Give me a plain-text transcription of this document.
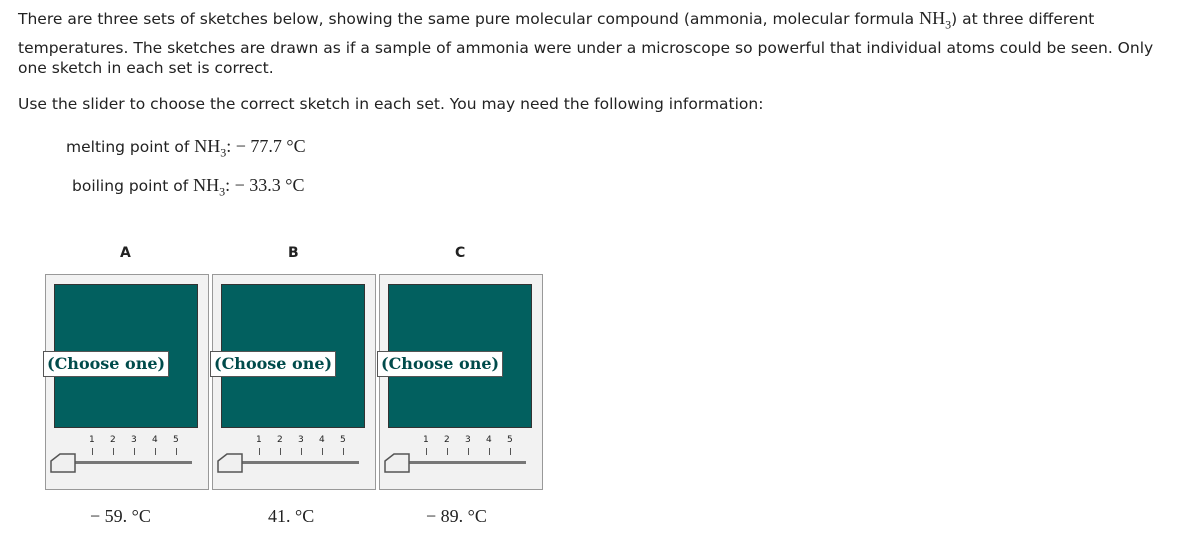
There are three sets of sketches below, showing the same pure molecular compound (ammonia, molecular formula $NH_3$) at three different

temperatures. The sketches are drawn as if a sample of ammonia were under a microscope so powerful that individual atoms could be seen. Only

one sketch in each set is correct.

Use the slider to choose the correct sketch in each set. You may need the following information:

melting point of $NH_3$: − 77.7 °C
boiling point of $NH_3$: − 33.3 °C
A	B	C
(Choose one)
1 2 3 4 5
(Choose one)
1 2 3 4 5
(Choose one)
1 2 3 4 5
− 59. °C	41. °C	− 89. °C
